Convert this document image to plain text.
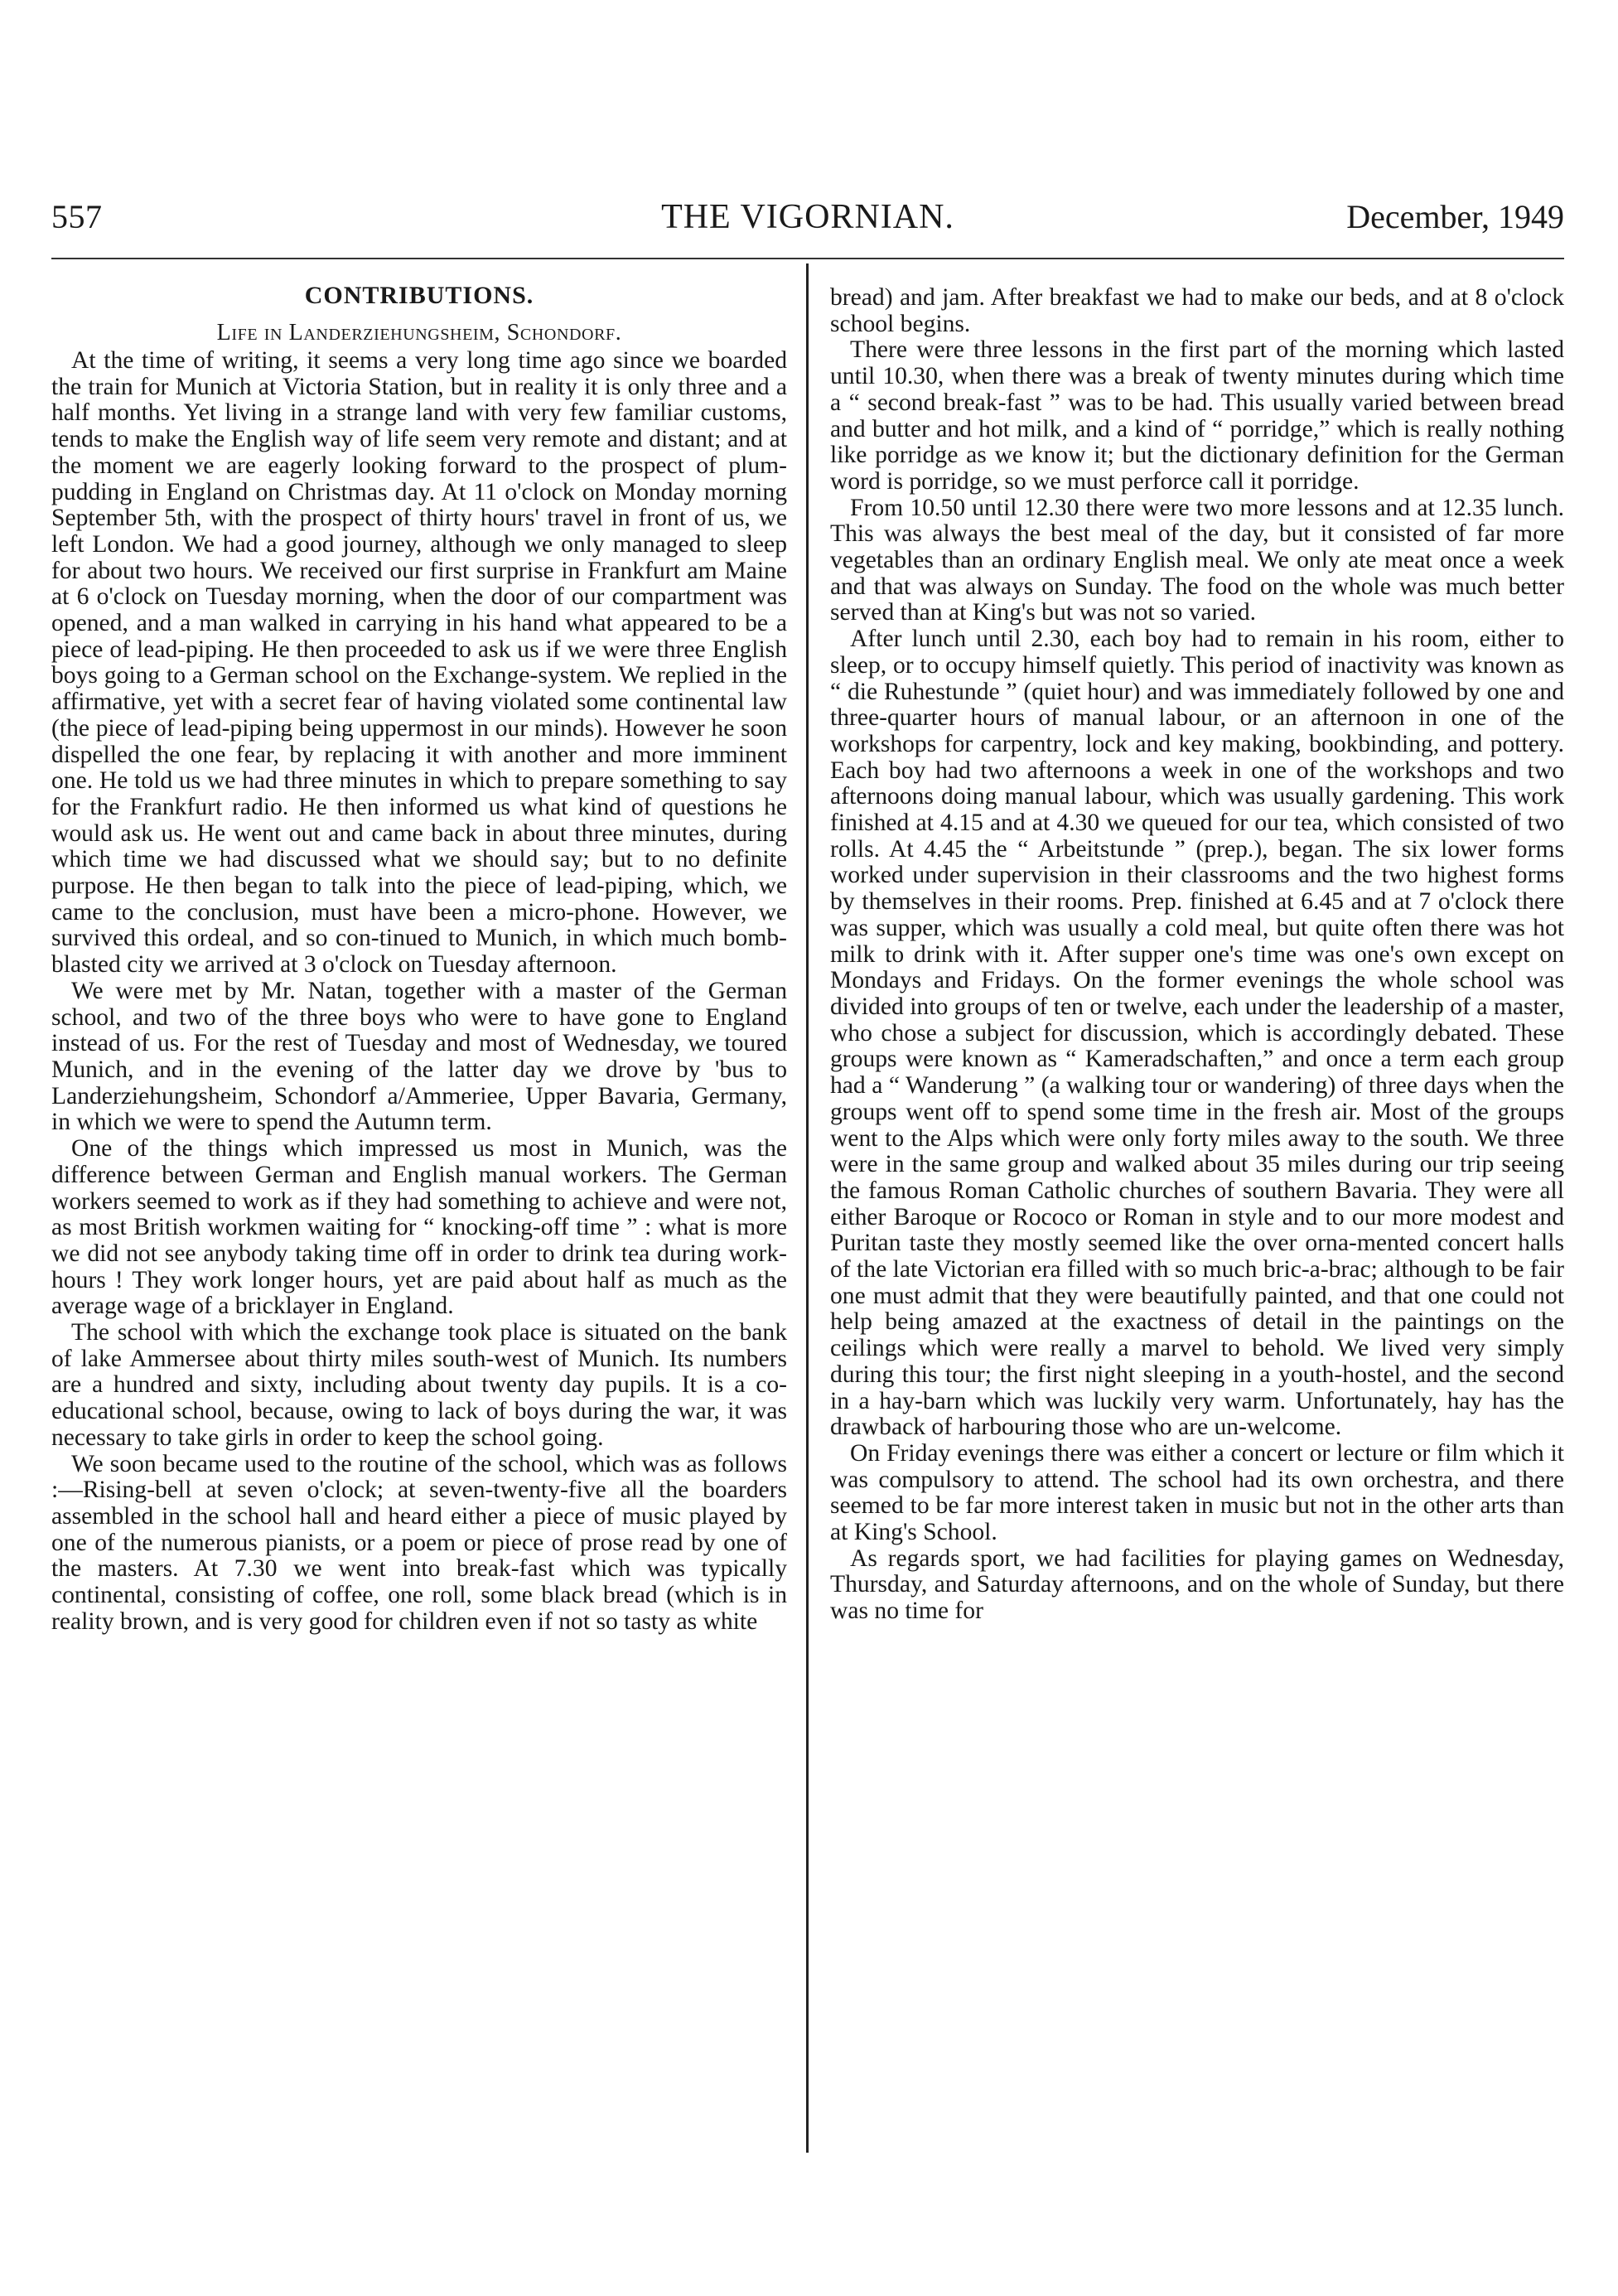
557	THE VIGORNIAN.	December, 1949
CONTRIBUTIONS.
Life in Landerziehungsheim, Schondorf.

At the time of writing, it seems a very long time ago since we boarded the train for Munich at Victoria Station, but in reality it is only three and a half months. Yet living in a strange land with very few familiar customs, tends to make the English way of life seem very remote and distant; and at the moment we are eagerly looking forward to the prospect of plum-pudding in England on Christmas day. At 11 o'clock on Monday morning September 5th, with the prospect of thirty hours' travel in front of us, we left London. We had a good journey, although we only managed to sleep for about two hours. We received our first surprise in Frankfurt am Maine at 6 o'clock on Tuesday morning, when the door of our compartment was opened, and a man walked in carrying in his hand what appeared to be a piece of lead-piping. He then proceeded to ask us if we were three English boys going to a German school on the Exchange-system. We replied in the affirmative, yet with a secret fear of having violated some continental law (the piece of lead-piping being uppermost in our minds). However he soon dispelled the one fear, by replacing it with another and more imminent one. He told us we had three minutes in which to prepare something to say for the Frankfurt radio. He then informed us what kind of questions he would ask us. He went out and came back in about three minutes, during which time we had discussed what we should say; but to no definite purpose. He then began to talk into the piece of lead-piping, which, we came to the conclusion, must have been a micro-phone. However, we survived this ordeal, and so con-tinued to Munich, in which much bomb-blasted city we arrived at 3 o'clock on Tuesday afternoon.

We were met by Mr. Natan, together with a master of the German school, and two of the three boys who were to have gone to England instead of us. For the rest of Tuesday and most of Wednesday, we toured Munich, and in the evening of the latter day we drove by 'bus to Landerziehungsheim, Schondorf a/Ammeriee, Upper Bavaria, Germany, in which we were to spend the Autumn term.

One of the things which impressed us most in Munich, was the difference between German and English manual workers. The German workers seemed to work as if they had something to achieve and were not, as most British workmen waiting for “ knocking-off time ” : what is more we did not see anybody taking time off in order to drink tea during work-hours ! They work longer hours, yet are paid about half as much as the average wage of a bricklayer in England.

The school with which the exchange took place is situated on the bank of lake Ammersee about thirty miles south-west of Munich. Its numbers are a hundred and sixty, including about twenty day pupils. It is a co-educational school, because, owing to lack of boys during the war, it was necessary to take girls in order to keep the school going.

We soon became used to the routine of the school, which was as follows :—Rising-bell at seven o'clock; at seven-twenty-five all the boarders assembled in the school hall and heard either a piece of music played by one of the numerous pianists, or a poem or piece of prose read by one of the masters. At 7.30 we went into break-fast which was typically continental, consisting of coffee, one roll, some black bread (which is in reality brown, and is very good for children even if not so tasty as white

bread) and jam. After breakfast we had to make our beds, and at 8 o'clock school begins.

There were three lessons in the first part of the morning which lasted until 10.30, when there was a break of twenty minutes during which time a “ second break-fast ” was to be had. This usually varied between bread and butter and hot milk, and a kind of “ porridge,” which is really nothing like porridge as we know it; but the dictionary definition for the German word is porridge, so we must perforce call it porridge.

From 10.50 until 12.30 there were two more lessons and at 12.35 lunch. This was always the best meal of the day, but it consisted of far more vegetables than an ordinary English meal. We only ate meat once a week and that was always on Sunday. The food on the whole was much better served than at King's but was not so varied.

After lunch until 2.30, each boy had to remain in his room, either to sleep, or to occupy himself quietly. This period of inactivity was known as “ die Ruhestunde ” (quiet hour) and was immediately followed by one and three-quarter hours of manual labour, or an afternoon in one of the workshops for carpentry, lock and key making, bookbinding, and pottery. Each boy had two afternoons a week in one of the workshops and two afternoons doing manual labour, which was usually gardening. This work finished at 4.15 and at 4.30 we queued for our tea, which consisted of two rolls. At 4.45 the “ Arbeitstunde ” (prep.), began. The six lower forms worked under supervision in their classrooms and the two highest forms by themselves in their rooms. Prep. finished at 6.45 and at 7 o'clock there was supper, which was usually a cold meal, but quite often there was hot milk to drink with it. After supper one's time was one's own except on Mondays and Fridays. On the former evenings the whole school was divided into groups of ten or twelve, each under the leadership of a master, who chose a subject for discussion, which is accordingly debated. These groups were known as “ Kameradschaften,” and once a term each group had a “ Wanderung ” (a walking tour or wandering) of three days when the groups went off to spend some time in the fresh air. Most of the groups went to the Alps which were only forty miles away to the south. We three were in the same group and walked about 35 miles during our trip seeing the famous Roman Catholic churches of southern Bavaria. They were all either Baroque or Rococo or Roman in style and to our more modest and Puritan taste they mostly seemed like the over orna-mented concert halls of the late Victorian era filled with so much bric-a-brac; although to be fair one must admit that they were beautifully painted, and that one could not help being amazed at the exactness of detail in the paintings on the ceilings which were really a marvel to behold. We lived very simply during this tour; the first night sleeping in a youth-hostel, and the second in a hay-barn which was luckily very warm. Unfortunately, hay has the drawback of harbouring those who are un-welcome.

On Friday evenings there was either a concert or lecture or film which it was compulsory to attend. The school had its own orchestra, and there seemed to be far more interest taken in music but not in the other arts than at King's School.

As regards sport, we had facilities for playing games on Wednesday, Thursday, and Saturday afternoons, and on the whole of Sunday, but there was no time for
